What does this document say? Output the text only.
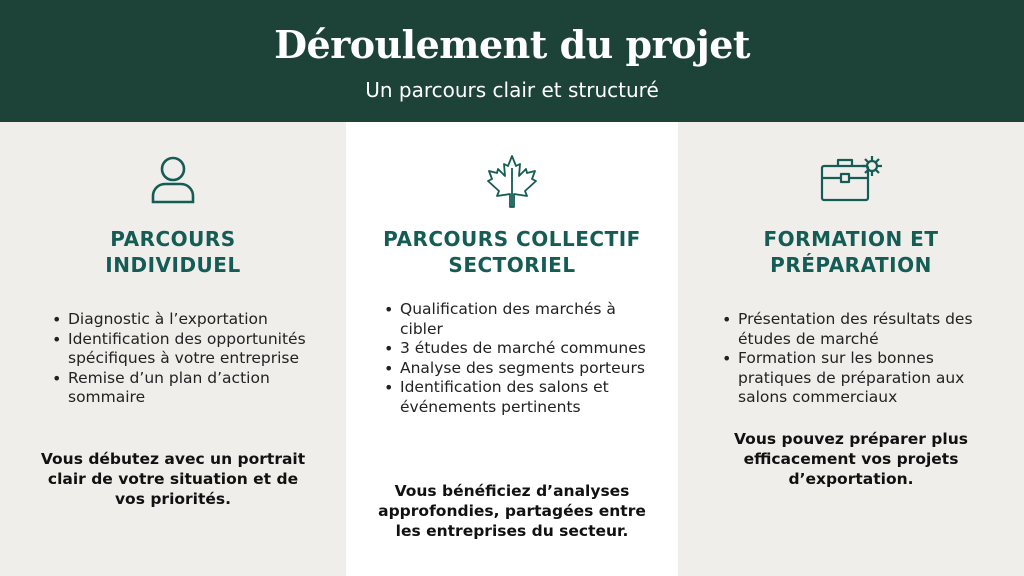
Déroulement du projet
Un parcours clair et structuré
PARCOURS
INDIVIDUEL
• Diagnostic à l’exportation
• Identification des opportunités spécifiques à votre entreprise
• Remise d’un plan d’action sommaire
Vous débutez avec un portrait clair de votre situation et de vos priorités.
PARCOURS COLLECTIF
SECTORIEL
• Qualification des marchés à cibler
• 3 études de marché communes
• Analyse des segments porteurs
• Identification des salons et événements pertinents
Vous bénéficiez d’analyses approfondies, partagées entre les entreprises du secteur.
FORMATION ET
PRÉPARATION
• Présentation des résultats des études de marché
• Formation sur les bonnes pratiques de préparation aux salons commerciaux
Vous pouvez préparer plus efficacement vos projets d’exportation.
